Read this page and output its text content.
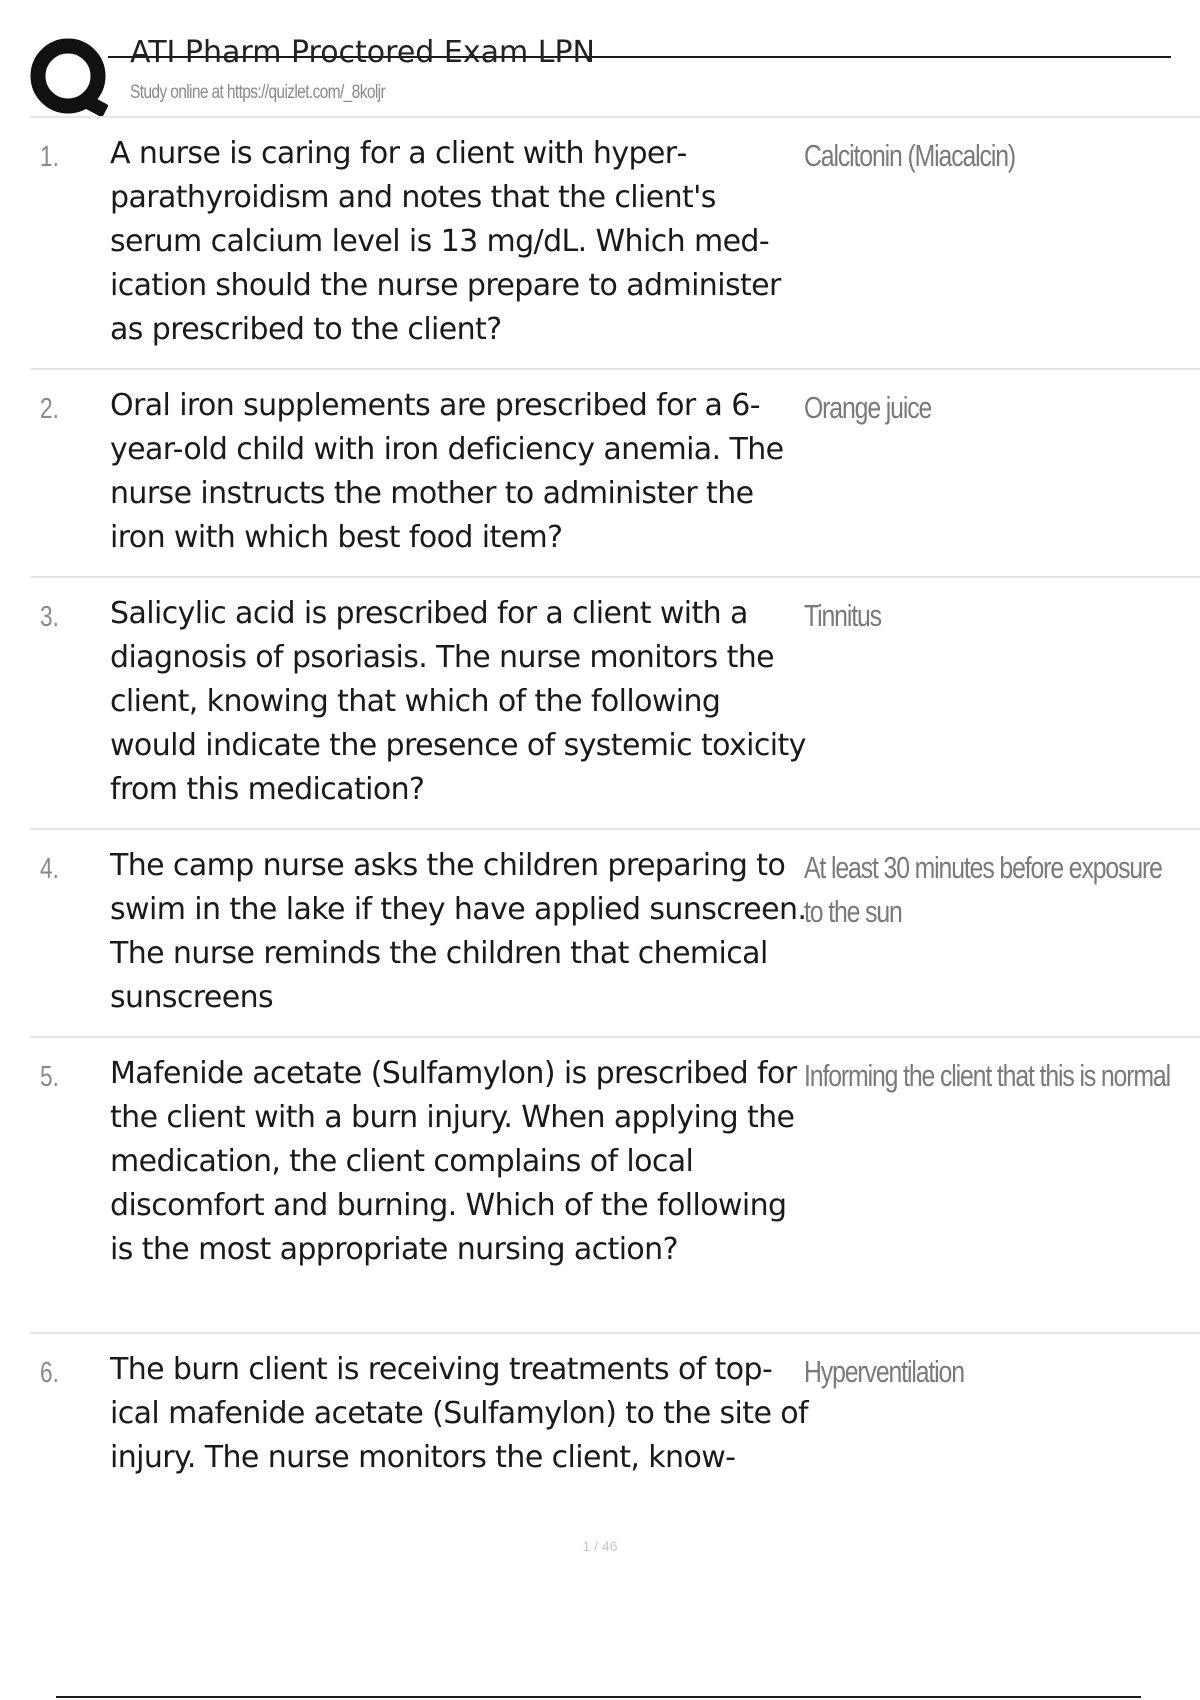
ATI Pharm Proctored Exam LPN
Study online at https://quizlet.com/_8koljr
1. A nurse is caring for a client with hyperparathyroidism and notes that the client's serum calcium level is 13 mg/dL. Which medication should the nurse prepare to administer as prescribed to the client?
Calcitonin (Miacalcin)
2. Oral iron supplements are prescribed for a 6-year-old child with iron deficiency anemia. The nurse instructs the mother to administer the iron with which best food item?
Orange juice
3. Salicylic acid is prescribed for a client with a diagnosis of psoriasis. The nurse monitors the client, knowing that which of the following would indicate the presence of systemic toxicity from this medication?
Tinnitus
4. The camp nurse asks the children preparing to swim in the lake if they have applied sunscreen. The nurse reminds the children that chemical sunscreens
At least 30 minutes before exposure to the sun
5. Mafenide acetate (Sulfamylon) is prescribed for the client with a burn injury. When applying the medication, the client complains of local discomfort and burning. Which of the following is the most appropriate nursing action?
Informing the client that this is normal
6. The burn client is receiving treatments of topical mafenide acetate (Sulfamylon) to the site of injury. The nurse monitors the client, know-
Hyperventilation
1 / 46
